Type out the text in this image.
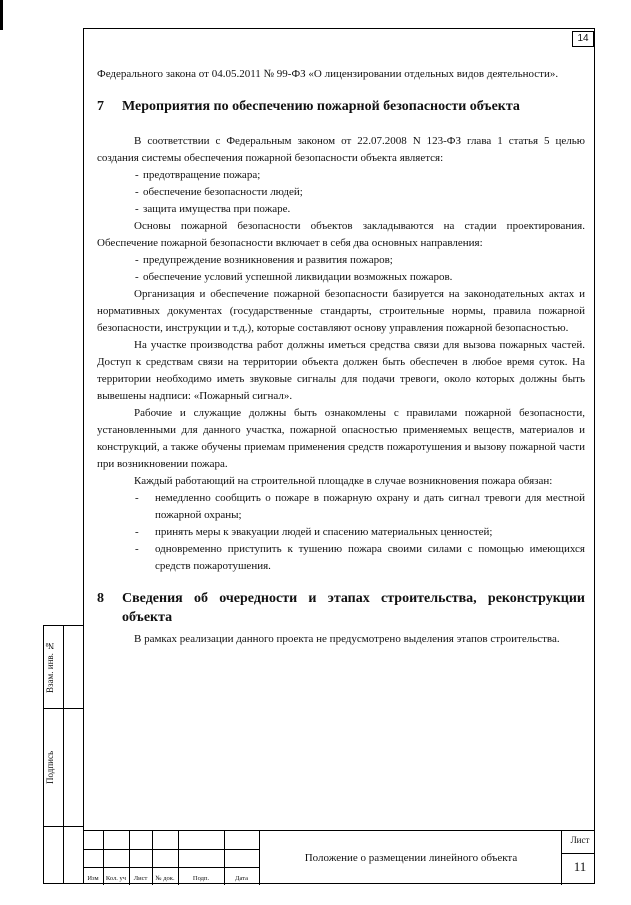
14

Федерального закона от 04.05.2011 № 99-ФЗ «О лицензировании отдельных видов деятельности».

7	Мероприятия по обеспечению пожарной безопасности объекта

В соответствии с Федеральным законом от 22.07.2008 N 123-ФЗ глава 1 статья 5 целью создания системы обеспечения пожарной безопасности объекта является:

- предотвращение пожара;
- обеспечение безопасности людей;
- защита имущества при пожаре.

Основы пожарной безопасности объектов закладываются на стадии проектирования. Обеспечение пожарной безопасности включает в себя два основных направления:

- предупреждение возникновения и развития пожаров;
- обеспечение условий успешной ликвидации возможных пожаров.

Организация и обеспечение пожарной безопасности базируется на законодательных актах и нормативных документах (государственные стандарты, строительные нормы, правила пожарной безопасности, инструкции и т.д.), которые составляют основу управления пожарной безопасностью.

На участке производства работ должны иметься средства связи для вызова пожарных частей. Доступ к средствам связи на территории объекта должен быть обеспечен в любое время суток. На территории необходимо иметь звуковые сигналы для подачи тревоги, около которых должны быть вывешены надписи: «Пожарный сигнал».

Рабочие и служащие должны быть ознакомлены с правилами пожарной безопасности, установленными для данного участка, пожарной опасностью применяемых веществ, материалов и конструкций, а также обучены приемам применения средств пожаротушения и вызову пожарной части при возникновении пожара.

Каждый работающий на строительной площадке в случае возникновения пожара обязан:

- немедленно сообщить о пожаре в пожарную охрану и дать сигнал тревоги для местной пожарной охраны;
- принять меры к эвакуации людей и спасению материальных ценностей;
- одновременно приступить к тушению пожара своими силами с помощью имеющихся средств пожаротушения.
8	Сведения об очередности и этапах строительства, реконструкции объекта

В рамках реализации данного проекта не предусмотрено выделения этапов строительства.

Взам. инв. №
Подпись
Изм	Кол. уч	Лист	№ док.	Подп.	Дата
Положение о размещении линейного объекта
Лист
11
